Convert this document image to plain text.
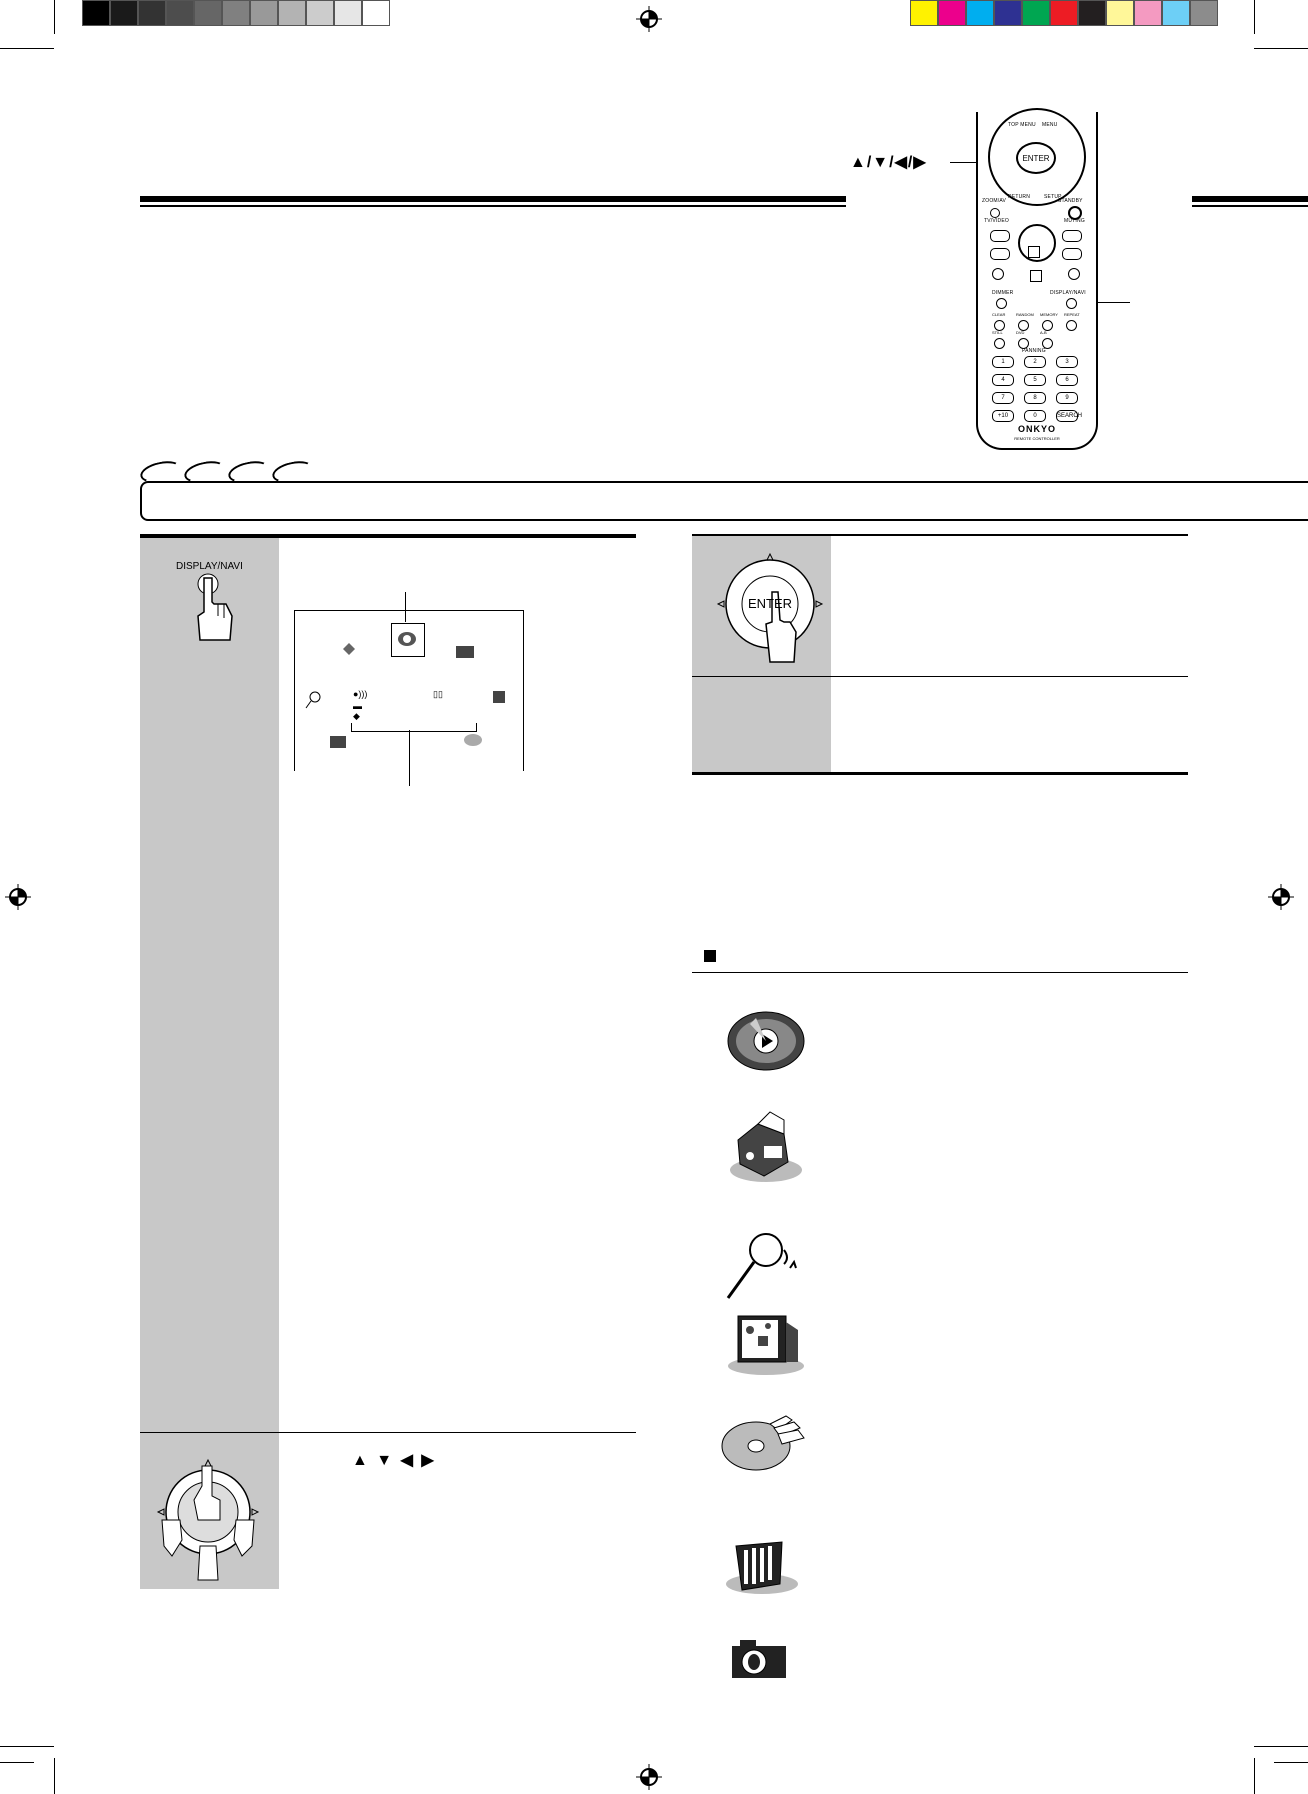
▲/▼/◀/▶	ENTER
TOP MENU MENU
RETURN	SETUP
ZOOM/AV	STANDBY
TV/VIDEO	MUTING
DIMMER	DISPLAY/NAVI
CLEAR	RANDOM MEMORY REPEAT
STILL	DVD	A-B
PANNING
1	2	3
4	5	6
7	8	9
+10	0	SEARCH
ONKYO
REMOTE CONTROLLER
DISPLAY/NAVI
●)))
▬
◆
▯▯
▲ ▼ ◀ ▶
ENTER
